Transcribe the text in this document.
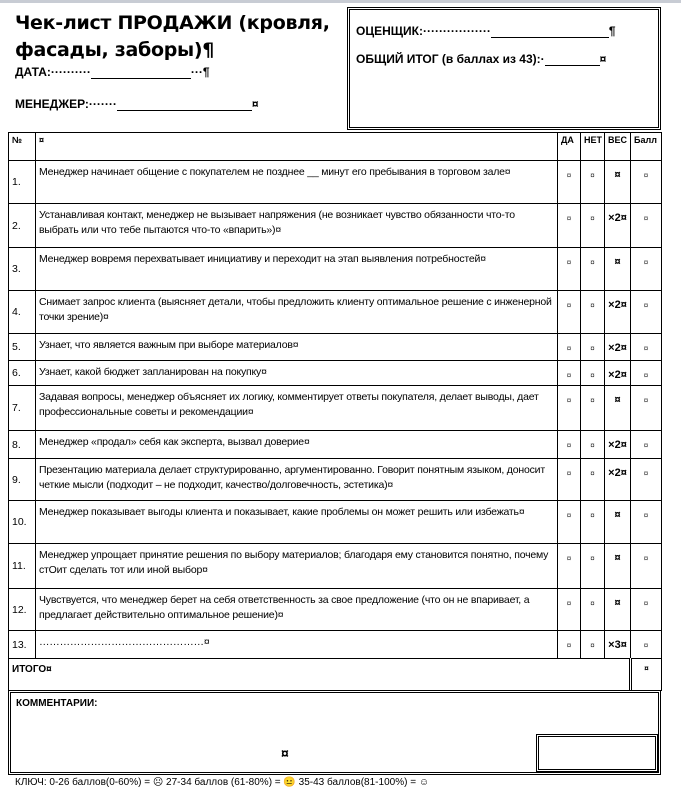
Чек-лист ПРОДАЖИ (кровля,
фасады, заборы)¶
ДАТА:··········	···¶
МЕНЕДЖЕР:·······	¤
ОЦЕНЩИК:·················	¶
ОБЩИЙ ИТОГ (в баллах из 43):·	¤
№	¤	ДА	НЕТ	ВЕС	Балл
1.	Менеджер начинает общение с покупателем не позднее __ минут его пребывания в торговом зале¤	¤	¤	¤	¤
2.	Устанавливая контакт, менеджер не вызывает напряжения (не возникает чувство обязанности что-то выбрать или что тебе пытаются что-то «впарить»)¤	¤	¤	×2¤	¤
3.	Менеджер вовремя перехватывает инициативу и переходит на этап выявления потребностей¤	¤	¤	¤	¤
4.	Снимает запрос клиента (выясняет детали, чтобы предложить клиенту оптимальное решение с инженерной точки зрение)¤	¤	¤	×2¤	¤
5.	Узнает, что является важным при выборе материалов¤	¤	¤	×2¤	¤
6.	Узнает, какой бюджет запланирован на покупку¤	¤	¤	×2¤	¤
7.	Задавая вопросы, менеджер объясняет их логику, комментирует ответы покупателя, делает выводы, дает профессиональные советы и рекомендации¤	¤	¤	¤	¤
8.	Менеджер «продал» себя как эксперта, вызвал доверие¤	¤	¤	×2¤	¤
9.	Презентацию материала делает структурированно, аргументированно. Говорит понятным языком, доносит четкие мысли (подходит – не подходит, качество/долговечность, эстетика)¤	¤	¤	×2¤	¤
10.	Менеджер показывает выгоды клиента и показывает, какие проблемы он может решить или избежать¤	¤	¤	¤	¤
11.	Менеджер упрощает принятие решения по выбору материалов; благодаря ему становится понятно, почему стОит сделать тот или иной выбор¤	¤	¤	¤	¤
12.	Чувствуется, что менеджер берет на себя ответственность за свое предложение (что он не впаривает, а предлагает действительно оптимальное решение)¤	¤	¤	¤	¤
13.	…………………………………………¤	¤	¤	×3¤	¤
ИТОГО¤					¤
КОММЕНТАРИИ:
¤
КЛЮЧ: 0-26 баллов(0-60%) = ☹ 27-34 баллов (61-80%) = 😐 35-43 баллов(81-100%) = ☺
